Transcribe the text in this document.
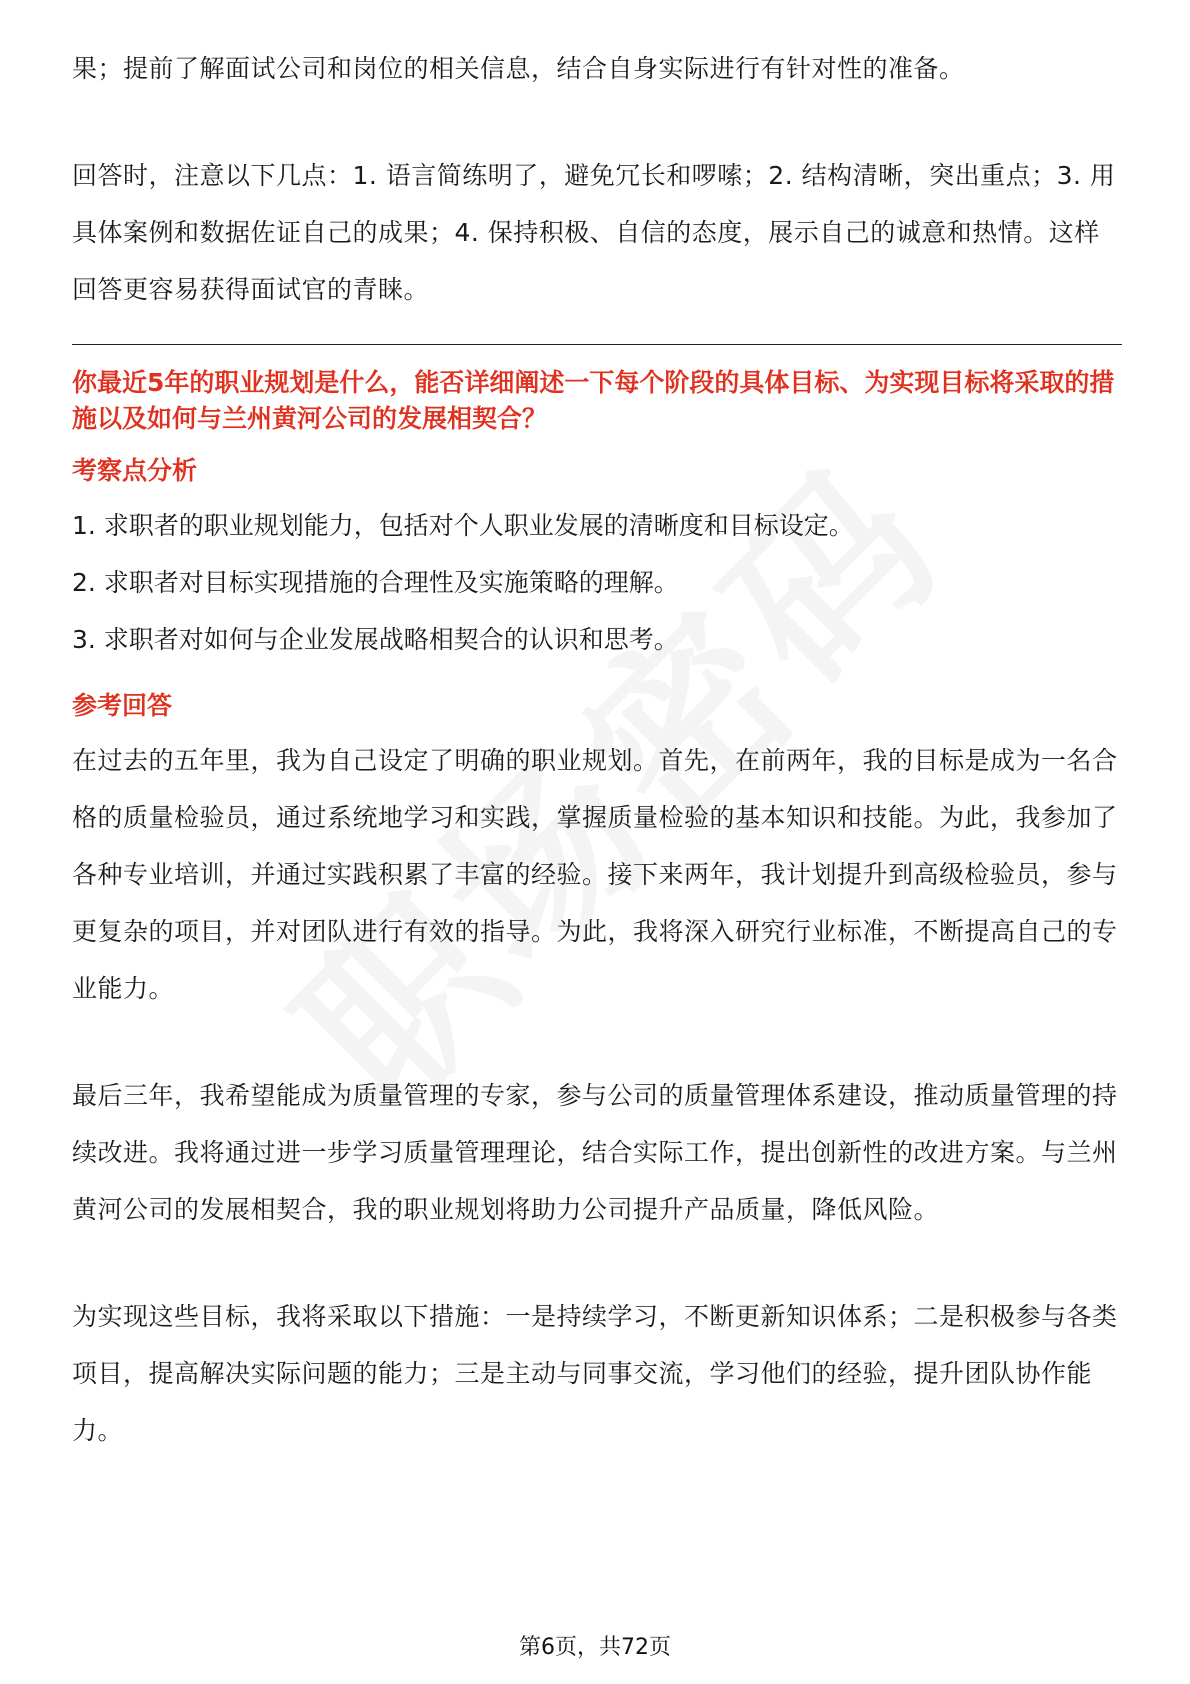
果；提前了解面试公司和岗位的相关信息，结合自身实际进行有针对性的准备。

回答时，注意以下几点：1. 语言简练明了，避免冗长和啰嗦；2. 结构清晰，突出重点；3. 用具体案例和数据佐证自己的成果；4. 保持积极、自信的态度，展示自己的诚意和热情。这样回答更容易获得面试官的青睐。

你最近5年的职业规划是什么，能否详细阐述一下每个阶段的具体目标、为实现目标将采取的措施以及如何与兰州黄河公司的发展相契合？

考察点分析

1. 求职者的职业规划能力，包括对个人职业发展的清晰度和目标设定。

2. 求职者对目标实现措施的合理性及实施策略的理解。

3. 求职者对如何与企业发展战略相契合的认识和思考。

参考回答

在过去的五年里，我为自己设定了明确的职业规划。首先，在前两年，我的目标是成为一名合格的质量检验员，通过系统地学习和实践，掌握质量检验的基本知识和技能。为此，我参加了各种专业培训，并通过实践积累了丰富的经验。接下来两年，我计划提升到高级检验员，参与更复杂的项目，并对团队进行有效的指导。为此，我将深入研究行业标准，不断提高自己的专业能力。

最后三年，我希望能成为质量管理的专家，参与公司的质量管理体系建设，推动质量管理的持续改进。我将通过进一步学习质量管理理论，结合实际工作，提出创新性的改进方案。与兰州黄河公司的发展相契合，我的职业规划将助力公司提升产品质量，降低风险。

为实现这些目标，我将采取以下措施：一是持续学习，不断更新知识体系；二是积极参与各类项目，提高解决实际问题的能力；三是主动与同事交流，学习他们的经验，提升团队协作能力。

第6页，共72页
